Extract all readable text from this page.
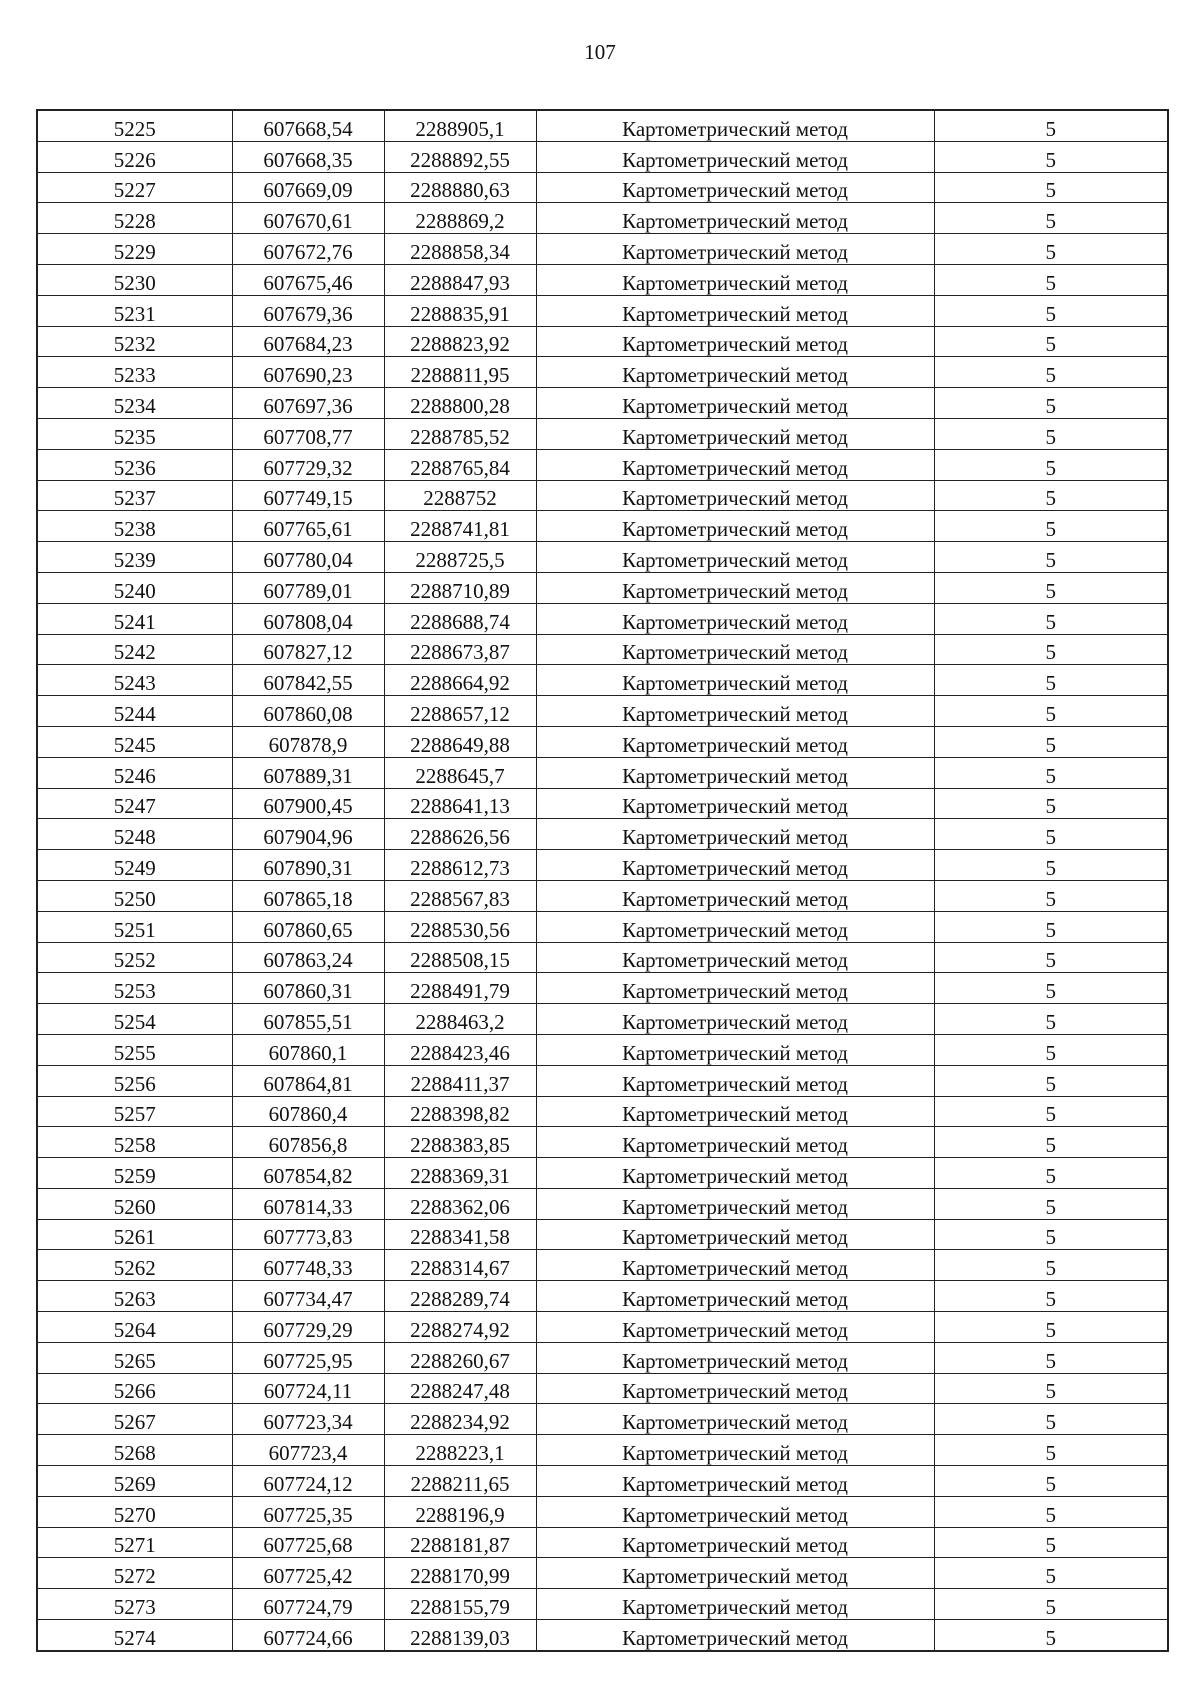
107
5225	607668,54	2288905,1	Картометрический метод	5
5226	607668,35	2288892,55	Картометрический метод	5
5227	607669,09	2288880,63	Картометрический метод	5
5228	607670,61	2288869,2	Картометрический метод	5
5229	607672,76	2288858,34	Картометрический метод	5
5230	607675,46	2288847,93	Картометрический метод	5
5231	607679,36	2288835,91	Картометрический метод	5
5232	607684,23	2288823,92	Картометрический метод	5
5233	607690,23	2288811,95	Картометрический метод	5
5234	607697,36	2288800,28	Картометрический метод	5
5235	607708,77	2288785,52	Картометрический метод	5
5236	607729,32	2288765,84	Картометрический метод	5
5237	607749,15	2288752	Картометрический метод	5
5238	607765,61	2288741,81	Картометрический метод	5
5239	607780,04	2288725,5	Картометрический метод	5
5240	607789,01	2288710,89	Картометрический метод	5
5241	607808,04	2288688,74	Картометрический метод	5
5242	607827,12	2288673,87	Картометрический метод	5
5243	607842,55	2288664,92	Картометрический метод	5
5244	607860,08	2288657,12	Картометрический метод	5
5245	607878,9	2288649,88	Картометрический метод	5
5246	607889,31	2288645,7	Картометрический метод	5
5247	607900,45	2288641,13	Картометрический метод	5
5248	607904,96	2288626,56	Картометрический метод	5
5249	607890,31	2288612,73	Картометрический метод	5
5250	607865,18	2288567,83	Картометрический метод	5
5251	607860,65	2288530,56	Картометрический метод	5
5252	607863,24	2288508,15	Картометрический метод	5
5253	607860,31	2288491,79	Картометрический метод	5
5254	607855,51	2288463,2	Картометрический метод	5
5255	607860,1	2288423,46	Картометрический метод	5
5256	607864,81	2288411,37	Картометрический метод	5
5257	607860,4	2288398,82	Картометрический метод	5
5258	607856,8	2288383,85	Картометрический метод	5
5259	607854,82	2288369,31	Картометрический метод	5
5260	607814,33	2288362,06	Картометрический метод	5
5261	607773,83	2288341,58	Картометрический метод	5
5262	607748,33	2288314,67	Картометрический метод	5
5263	607734,47	2288289,74	Картометрический метод	5
5264	607729,29	2288274,92	Картометрический метод	5
5265	607725,95	2288260,67	Картометрический метод	5
5266	607724,11	2288247,48	Картометрический метод	5
5267	607723,34	2288234,92	Картометрический метод	5
5268	607723,4	2288223,1	Картометрический метод	5
5269	607724,12	2288211,65	Картометрический метод	5
5270	607725,35	2288196,9	Картометрический метод	5
5271	607725,68	2288181,87	Картометрический метод	5
5272	607725,42	2288170,99	Картометрический метод	5
5273	607724,79	2288155,79	Картометрический метод	5
5274	607724,66	2288139,03	Картометрический метод	5
